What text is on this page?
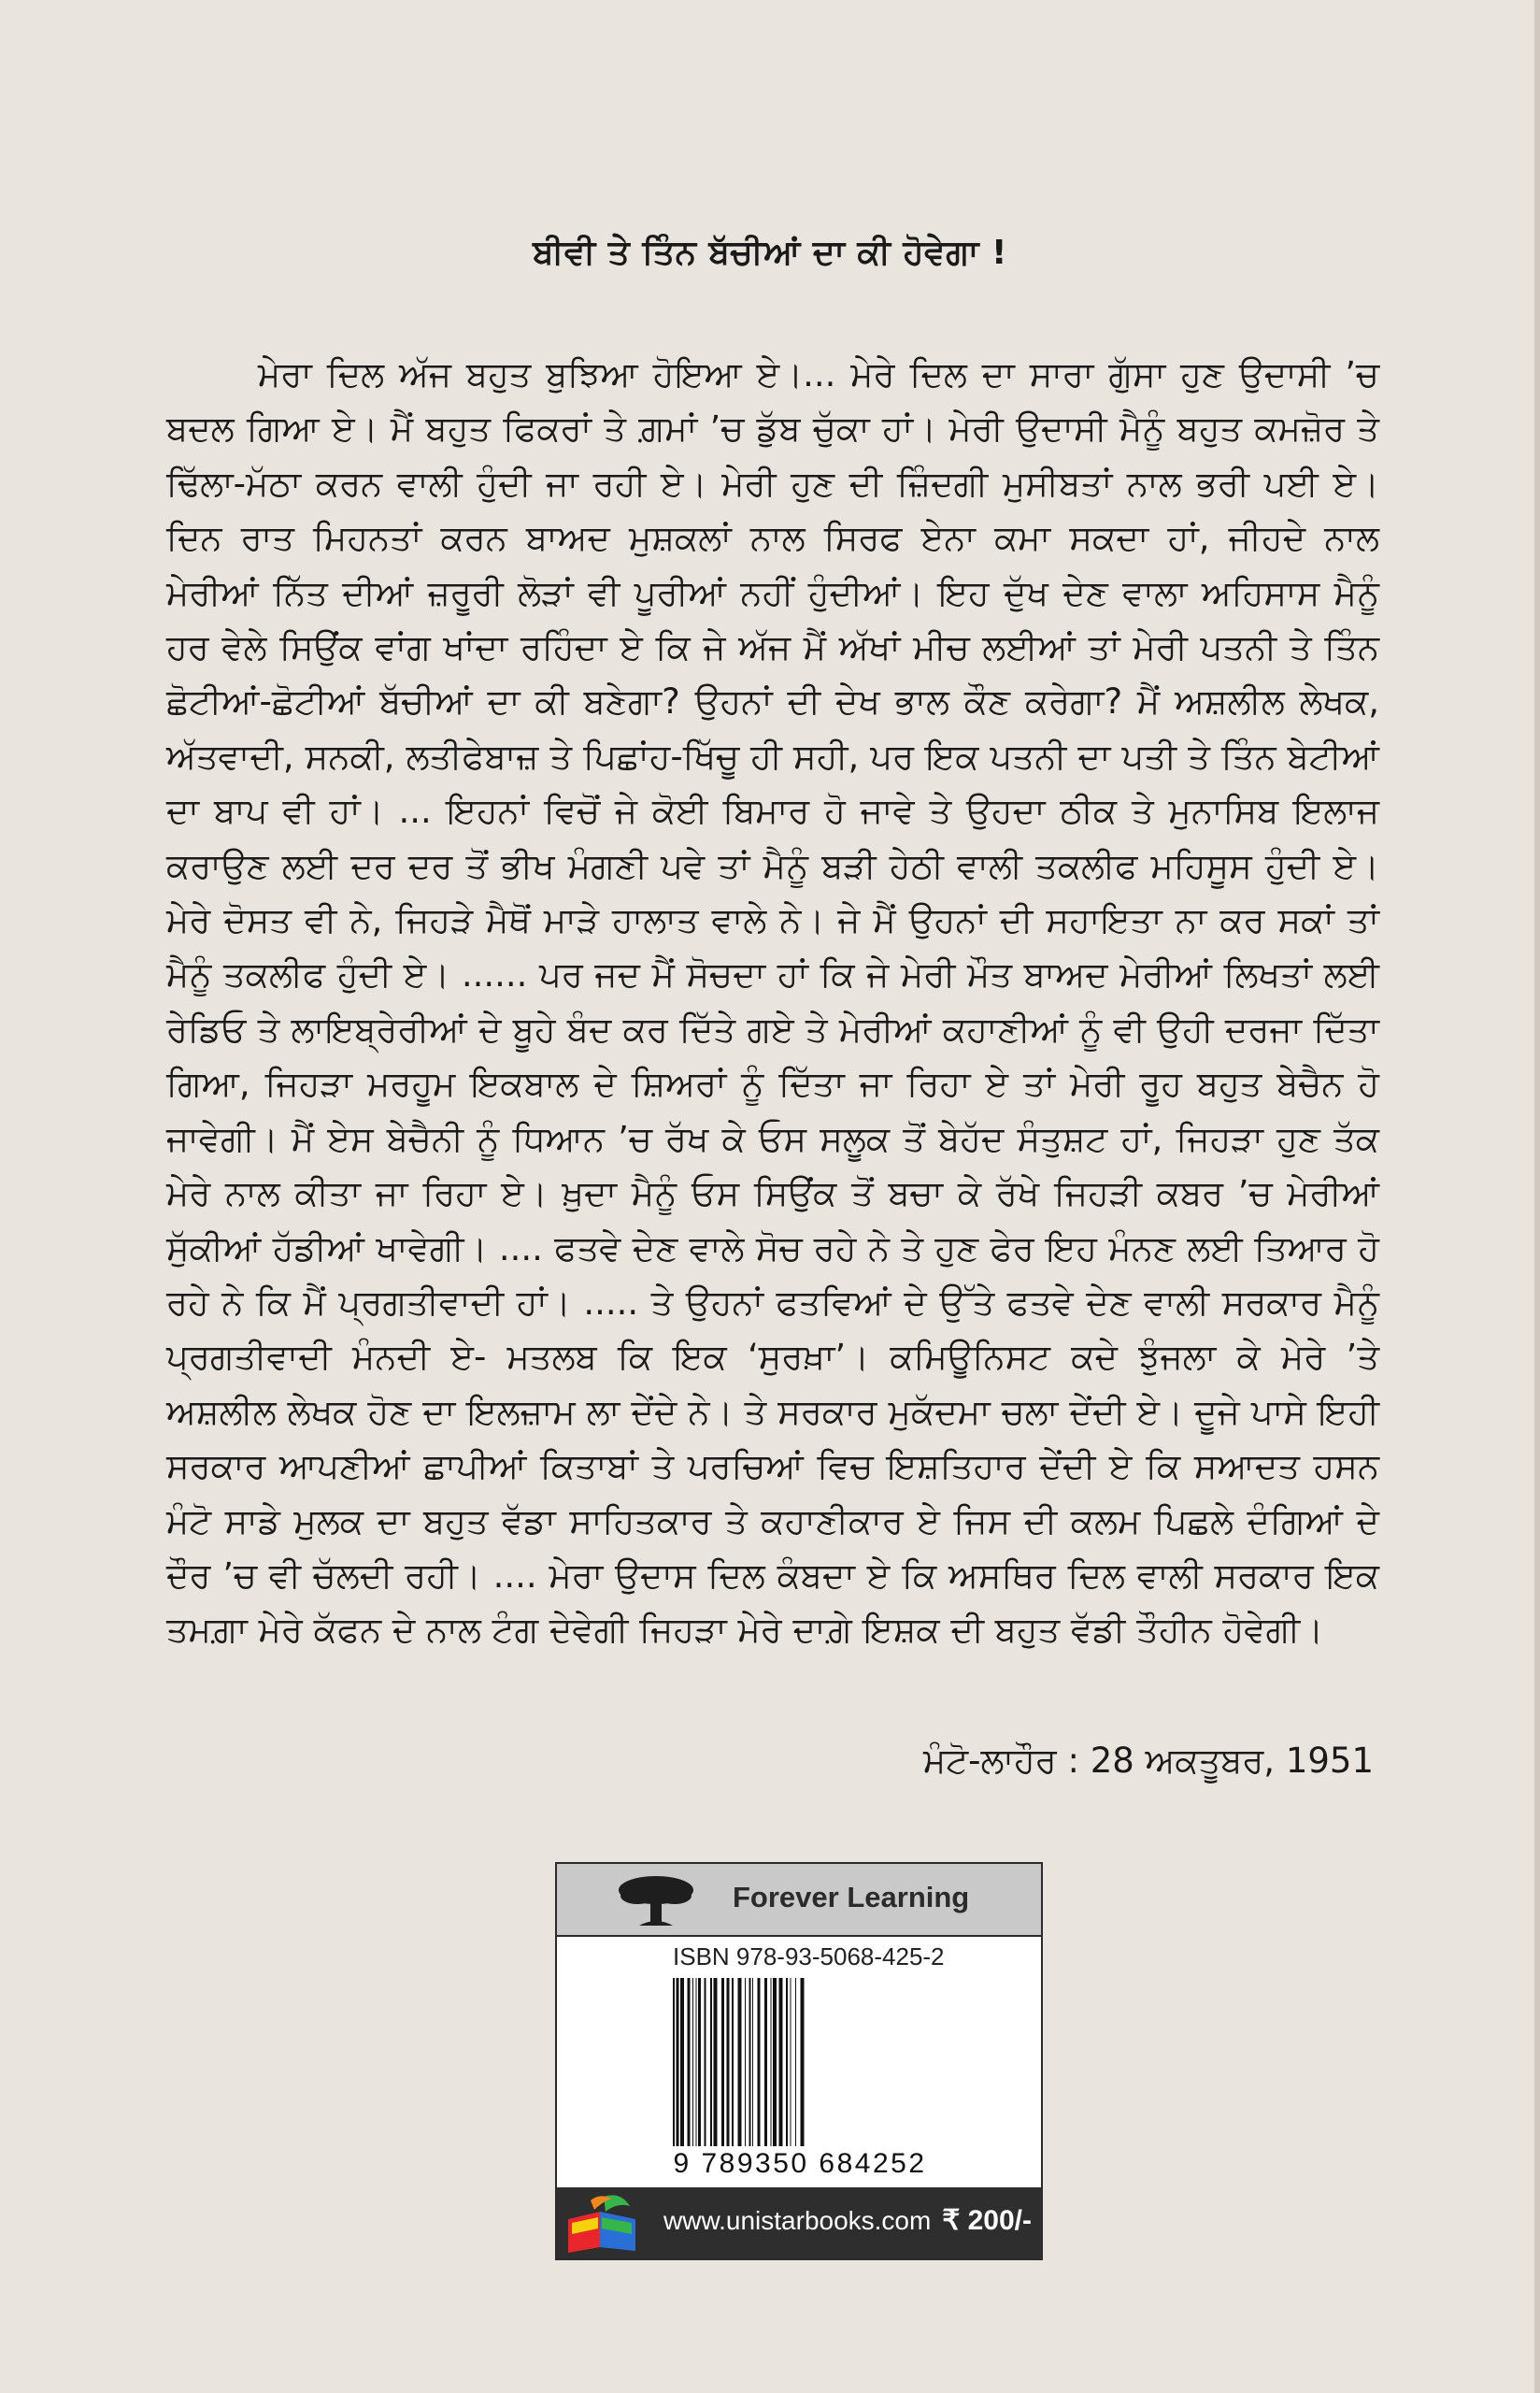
ਬੀਵੀ ਤੇ ਤਿੰਨ ਬੱਚੀਆਂ ਦਾ ਕੀ ਹੋਵੇਗਾ !

ਮੇਰਾ ਦਿਲ ਅੱਜ ਬਹੁਤ ਬੁਝਿਆ ਹੋਇਆ ਏ।... ਮੇਰੇ ਦਿਲ ਦਾ ਸਾਰਾ ਗੁੱਸਾ ਹੁਣ ਉਦਾਸੀ ’ਚ ਬਦਲ ਗਿਆ ਏ। ਮੈਂ ਬਹੁਤ ਫਿਕਰਾਂ ਤੇ ਗ਼ਮਾਂ ’ਚ ਡੁੱਬ ਚੁੱਕਾ ਹਾਂ। ਮੇਰੀ ਉਦਾਸੀ ਮੈਨੂੰ ਬਹੁਤ ਕਮਜ਼ੋਰ ਤੇ ਢਿੱਲਾ-ਮੱਠਾ ਕਰਨ ਵਾਲੀ ਹੁੰਦੀ ਜਾ ਰਹੀ ਏ। ਮੇਰੀ ਹੁਣ ਦੀ ਜ਼ਿੰਦਗੀ ਮੁਸੀਬਤਾਂ ਨਾਲ ਭਰੀ ਪਈ ਏ। ਦਿਨ ਰਾਤ ਮਿਹਨਤਾਂ ਕਰਨ ਬਾਅਦ ਮੁਸ਼ਕਲਾਂ ਨਾਲ ਸਿਰਫ ਏਨਾ ਕਮਾ ਸਕਦਾ ਹਾਂ, ਜੀਹਦੇ ਨਾਲ ਮੇਰੀਆਂ ਨਿੱਤ ਦੀਆਂ ਜ਼ਰੂਰੀ ਲੋੜਾਂ ਵੀ ਪੂਰੀਆਂ ਨਹੀਂ ਹੁੰਦੀਆਂ। ਇਹ ਦੁੱਖ ਦੇਣ ਵਾਲਾ ਅਹਿਸਾਸ ਮੈਨੂੰ ਹਰ ਵੇਲੇ ਸਿਉਂਕ ਵਾਂਗ ਖਾਂਦਾ ਰਹਿੰਦਾ ਏ ਕਿ ਜੇ ਅੱਜ ਮੈਂ ਅੱਖਾਂ ਮੀਚ ਲਈਆਂ ਤਾਂ ਮੇਰੀ ਪਤਨੀ ਤੇ ਤਿੰਨ ਛੋਟੀਆਂ-ਛੋਟੀਆਂ ਬੱਚੀਆਂ ਦਾ ਕੀ ਬਣੇਗਾ? ਉਹਨਾਂ ਦੀ ਦੇਖ ਭਾਲ ਕੌਣ ਕਰੇਗਾ? ਮੈਂ ਅਸ਼ਲੀਲ ਲੇਖਕ, ਅੱਤਵਾਦੀ, ਸਨਕੀ, ਲਤੀਫੇਬਾਜ਼ ਤੇ ਪਿਛਾਂਹ-ਖਿੱਚੂ ਹੀ ਸਹੀ, ਪਰ ਇਕ ਪਤਨੀ ਦਾ ਪਤੀ ਤੇ ਤਿੰਨ ਬੇਟੀਆਂ ਦਾ ਬਾਪ ਵੀ ਹਾਂ। ... ਇਹਨਾਂ ਵਿਚੋਂ ਜੇ ਕੋਈ ਬਿਮਾਰ ਹੋ ਜਾਵੇ ਤੇ ਉਹਦਾ ਠੀਕ ਤੇ ਮੁਨਾਸਿਬ ਇਲਾਜ ਕਰਾਉਣ ਲਈ ਦਰ ਦਰ ਤੋਂ ਭੀਖ ਮੰਗਣੀ ਪਵੇ ਤਾਂ ਮੈਨੂੰ ਬੜੀ ਹੇਠੀ ਵਾਲੀ ਤਕਲੀਫ ਮਹਿਸੂਸ ਹੁੰਦੀ ਏ। ਮੇਰੇ ਦੋਸਤ ਵੀ ਨੇ, ਜਿਹੜੇ ਮੈਥੋਂ ਮਾੜੇ ਹਾਲਾਤ ਵਾਲੇ ਨੇ। ਜੇ ਮੈਂ ਉਹਨਾਂ ਦੀ ਸਹਾਇਤਾ ਨਾ ਕਰ ਸਕਾਂ ਤਾਂ ਮੈਨੂੰ ਤਕਲੀਫ ਹੁੰਦੀ ਏ। ...... ਪਰ ਜਦ ਮੈਂ ਸੋਚਦਾ ਹਾਂ ਕਿ ਜੇ ਮੇਰੀ ਮੌਤ ਬਾਅਦ ਮੇਰੀਆਂ ਲਿਖਤਾਂ ਲਈ ਰੇਡਿਓ ਤੇ ਲਾਇਬ੍ਰੇਰੀਆਂ ਦੇ ਬੂਹੇ ਬੰਦ ਕਰ ਦਿੱਤੇ ਗਏ ਤੇ ਮੇਰੀਆਂ ਕਹਾਣੀਆਂ ਨੂੰ ਵੀ ਉਹੀ ਦਰਜਾ ਦਿੱਤਾ ਗਿਆ, ਜਿਹੜਾ ਮਰਹੂਮ ਇਕਬਾਲ ਦੇ ਸ਼ਿਅਰਾਂ ਨੂੰ ਦਿੱਤਾ ਜਾ ਰਿਹਾ ਏ ਤਾਂ ਮੇਰੀ ਰੂਹ ਬਹੁਤ ਬੇਚੈਨ ਹੋ ਜਾਵੇਗੀ। ਮੈਂ ਏਸ ਬੇਚੈਨੀ ਨੂੰ ਧਿਆਨ ’ਚ ਰੱਖ ਕੇ ਓਸ ਸਲੂਕ ਤੋਂ ਬੇਹੱਦ ਸੰਤੁਸ਼ਟ ਹਾਂ, ਜਿਹੜਾ ਹੁਣ ਤੱਕ ਮੇਰੇ ਨਾਲ ਕੀਤਾ ਜਾ ਰਿਹਾ ਏ। ਖ਼ੁਦਾ ਮੈਨੂੰ ਓਸ ਸਿਉਂਕ ਤੋਂ ਬਚਾ ਕੇ ਰੱਖੇ ਜਿਹੜੀ ਕਬਰ ’ਚ ਮੇਰੀਆਂ ਸੁੱਕੀਆਂ ਹੱਡੀਆਂ ਖਾਵੇਗੀ। .... ਫਤਵੇ ਦੇਣ ਵਾਲੇ ਸੋਚ ਰਹੇ ਨੇ ਤੇ ਹੁਣ ਫੇਰ ਇਹ ਮੰਨਣ ਲਈ ਤਿਆਰ ਹੋ ਰਹੇ ਨੇ ਕਿ ਮੈਂ ਪ੍ਰਗਤੀਵਾਦੀ ਹਾਂ। ..... ਤੇ ਉਹਨਾਂ ਫਤਵਿਆਂ ਦੇ ਉੱਤੇ ਫਤਵੇ ਦੇਣ ਵਾਲੀ ਸਰਕਾਰ ਮੈਨੂੰ ਪ੍ਰਗਤੀਵਾਦੀ ਮੰਨਦੀ ਏ- ਮਤਲਬ ਕਿ ਇਕ ‘ਸੁਰਖ਼ਾ’। ਕਮਿਊਨਿਸਟ ਕਦੇ ਝੁੰਜਲਾ ਕੇ ਮੇਰੇ ’ਤੇ ਅਸ਼ਲੀਲ ਲੇਖਕ ਹੋਣ ਦਾ ਇਲਜ਼ਾਮ ਲਾ ਦੇਂਦੇ ਨੇ। ਤੇ ਸਰਕਾਰ ਮੁਕੱਦਮਾ ਚਲਾ ਦੇਂਦੀ ਏ। ਦੂਜੇ ਪਾਸੇ ਇਹੀ ਸਰਕਾਰ ਆਪਣੀਆਂ ਛਾਪੀਆਂ ਕਿਤਾਬਾਂ ਤੇ ਪਰਚਿਆਂ ਵਿਚ ਇਸ਼ਤਿਹਾਰ ਦੇਂਦੀ ਏ ਕਿ ਸਆਦਤ ਹਸਨ ਮੰਟੋ ਸਾਡੇ ਮੁਲਕ ਦਾ ਬਹੁਤ ਵੱਡਾ ਸਾਹਿਤਕਾਰ ਤੇ ਕਹਾਣੀਕਾਰ ਏ ਜਿਸ ਦੀ ਕਲਮ ਪਿਛਲੇ ਦੰਗਿਆਂ ਦੇ ਦੌਰ ’ਚ ਵੀ ਚੱਲਦੀ ਰਹੀ। .... ਮੇਰਾ ਉਦਾਸ ਦਿਲ ਕੰਬਦਾ ਏ ਕਿ ਅਸਥਿਰ ਦਿਲ ਵਾਲੀ ਸਰਕਾਰ ਇਕ ਤਮਗ਼ਾ ਮੇਰੇ ਕੱਫਨ ਦੇ ਨਾਲ ਟੰਗ ਦੇਵੇਗੀ ਜਿਹੜਾ ਮੇਰੇ ਦਾਗ਼ੇ ਇਸ਼ਕ ਦੀ ਬਹੁਤ ਵੱਡੀ ਤੌਹੀਨ ਹੋਵੇਗੀ।

ਮੰਟੋ-ਲਾਹੌਰ : 28 ਅਕਤੂਬਰ, 1951
Forever Learning
ISBN 978-93-5068-425-2
9 789350 684252
www.unistarbooks.com ₹ 200/-
